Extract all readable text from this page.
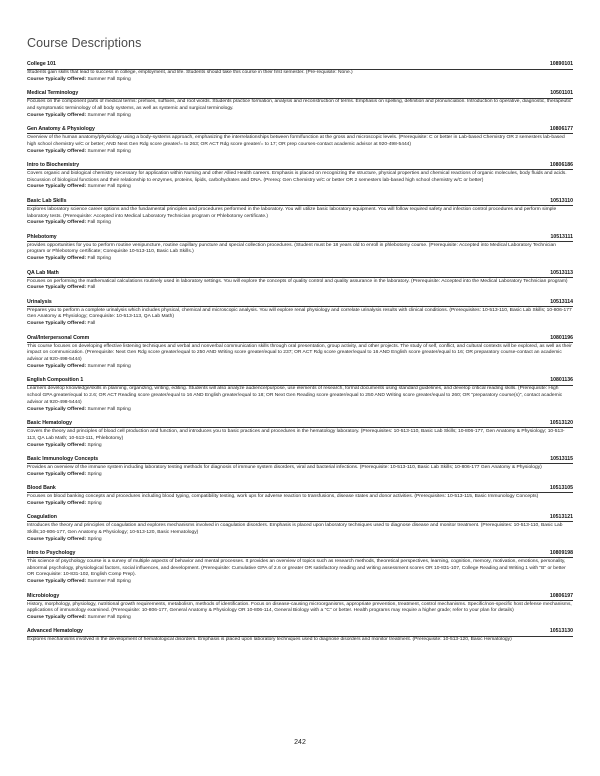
Course Descriptions
College 101	10890101
Students gain skills that lead to success in college, employment, and life. Students should take this course in their first semester. (Pre-requisite: None.)
Course Typically Offered: Summer Fall Spring
Medical Terminology	10501101
Focuses on the component parts of medical terms: prefixes, suffixes, and root words. Students practice formation, analysis and reconstruction of terms. Emphasis on spelling, definition and pronunciation. Introduction to operative, diagnostic, therapeutic and symptomatic terminology of all body systems, as well as systemic and surgical terminology.
Course Typically Offered: Summer Fall Spring
Gen Anatomy & Physiology	10806177
Overview of the human anatomy/physiology using a body-systems approach, emphasizing the interrelationships between form/function at the gross and microscopic levels. (Prerequisite: C or better in Lab-based Chemistry OR 2 semesters lab-based high school chemistry w/C or better; AND Next Gen Rdg score greater/= to 263; OR ACT Rdg score greater/= to 17; OR prep courses-contact academic advisor at 920-498-5444)
Course Typically Offered: Summer Fall Spring
Intro to Biochemistry	10806186
Covers organic and biological chemistry necessary for application within Nursing and other Allied Health careers. Emphasis is placed on recognizing the structure, physical properties and chemical reactions of organic molecules, body fluids and acids. Discussion of biological functions and their relationship to enzymes, proteins, lipids, carbohydrates and DNA. (Prereq: Gen Chemistry w/C or better OR 2 semesters lab-based high school chemistry w/C or better)
Course Typically Offered: Summer Fall Spring
Basic Lab Skills	10513110
Explores laboratory science career options and the fundamental principles and procedures performed in the laboratory. You will utilize basic laboratory equipment. You will follow required safety and infection control procedures and perform simple laboratory tests. (Prerequisite: Accepted into Medical Laboratory Technician program or Phlebotomy certificate.)
Course Typically Offered: Fall Spring
Phlebotomy	10513111
provides opportunities for you to perform routine venipuncture, routine capillary puncture and special collection procedures. (Student must be 18 years old to enroll in phlebotomy course. (Prerequisite: Accepted into Medical Laboratory Technician program or Phlebotomy certificate; Corequisite 10-513-110, Basic Lab Skills.)
Course Typically Offered: Fall Spring
QA Lab Math	10513113
Focuses on performing the mathematical calculations routinely used in laboratory settings. You will explore the concepts of quality control and quality assurance in the laboratory. (Prerequisite: Accepted into the Medical Laboratory Technician program)
Course Typically Offered: Fall
Urinalysis	10513114
Prepares you to perform a complete urinalysis which includes physical, chemical and microscopic analysis. You will explore renal physiology and correlate urinalysis results with clinical conditions. (Prerequisites: 10-513-110, Basic Lab Skills; 10-806-177 Gen Anatomy & Physiology; Corequisite: 10-513-113, QA Lab Math)
Course Typically Offered: Fall
Oral/Interpersonal Comm	10801196
This course focuses on developing effective listening techniques and verbal and nonverbal communication skills through oral presentation, group activity, and other projects. The study of self, conflict, and cultural contexts will be explored, as well as their impact on communication. (Prerequisite: Next Gen Rdg score greater/equal to 250 AND Writing score greater/equal to 237; OR ACT Rdg score greater/equal to 16 AND English score greater/equal to 16; OR preparatory course-contact an academic advisor at 920-498-5444)
Course Typically Offered: Summer Fall Spring
English Composition 1	10801136
Learners develop knowledge/skills in planning, organizing, writing, editing. Students will also analyze audience/purpose, use elements of research, format documents using standard guidelines, and develop critical reading skills. (Prerequisite: High school GPA greater/equal to 2.6; OR ACT Reading score greater/equal to 16 AND English greater/equal to 18; OR Next Gen Reading score greater/equal to 250 AND Writing score greater/equal to 260; OR "preparatory course(s)", contact academic advisor at 920-498-5444)
Course Typically Offered: Summer Fall Spring
Basic Hematology	10513120
Covers the theory and principles of blood cell production and function, and introduces you to basic practices and procedures in the hematology laboratory. (Prerequisites: 10-513-110, Basic Lab Skills; 10-806-177, Gen Anatomy & Physiology; 10-513-113, QA Lab Math; 10-513-111, Phlebotomy)
Course Typically Offered: Spring
Basic Immunology Concepts	10513115
Provides an overview of the immune system including laboratory testing methods for diagnosis of immune system disorders, viral and bacterial infections. (Prerequisite: 10-513-110, Basic Lab Skills; 10-806-177 Gen Anatomy & Physiology)
Course Typically Offered: Spring
Blood Bank	10513105
Focuses on blood banking concepts and procedures including blood typing, compatibility testing, work ups for adverse reaction to transfusions, disease states and donor activities. (Prerequisites: 10-513-115, Basic Immunology Concepts)
Course Typically Offered: Spring
Coagulation	10513121
Introduces the theory and principles of coagulation and explores mechanisms involved in coagulation disorders. Emphasis is placed upon laboratory techniques used to diagnose disease and monitor treatment. (Prerequisites: 10-513-110, Basic Lab Skills;10-806-177, Gen Anatomy & Physiology; 10-513-120, Basic Hematology)
Course Typically Offered: Spring
Intro to Psychology	10809198
This science of psychology course is a survey of multiple aspects of behavior and mental processes. It provides an overview of topics such as research methods, theoretical perspectives, learning, cognition, memory, motivation, emotions, personality, abnormal psychology, physiological factors, social influences, and development. (Prerequisite: Cumulative GPA of 2.6 or greater OR satisfactory reading and writing assessment scores OR 10-831-107, College Reading and Writing 1 with "B" or better OR Corequisite: 10-831-102, English Comp Prep).
Course Typically Offered: Summer Fall Spring
Microbiology	10806197
History, morphology, physiology, nutritional growth requirements, metabolism, methods of identification. Focus on disease-causing microorganisms, appropriate prevention, treatment, control mechanisms. Specific/non-specific host defense mechanisms, applications of immunology examined. (Prerequisite: 10-806-177, General Anatomy & Physiology OR 10-806-114, General Biology with a "C" or better. Health programs may require a higher grade; refer to your plan for details)
Course Typically Offered: Summer Fall Spring
Advanced Hematology	10513130
Explores mechanisms involved in the development of hematological disorders. Emphasis is placed upon laboratory techniques used to diagnose disorders and monitor treatment. (Prerequisite: 10-513-120, Basic Hematology)
242
